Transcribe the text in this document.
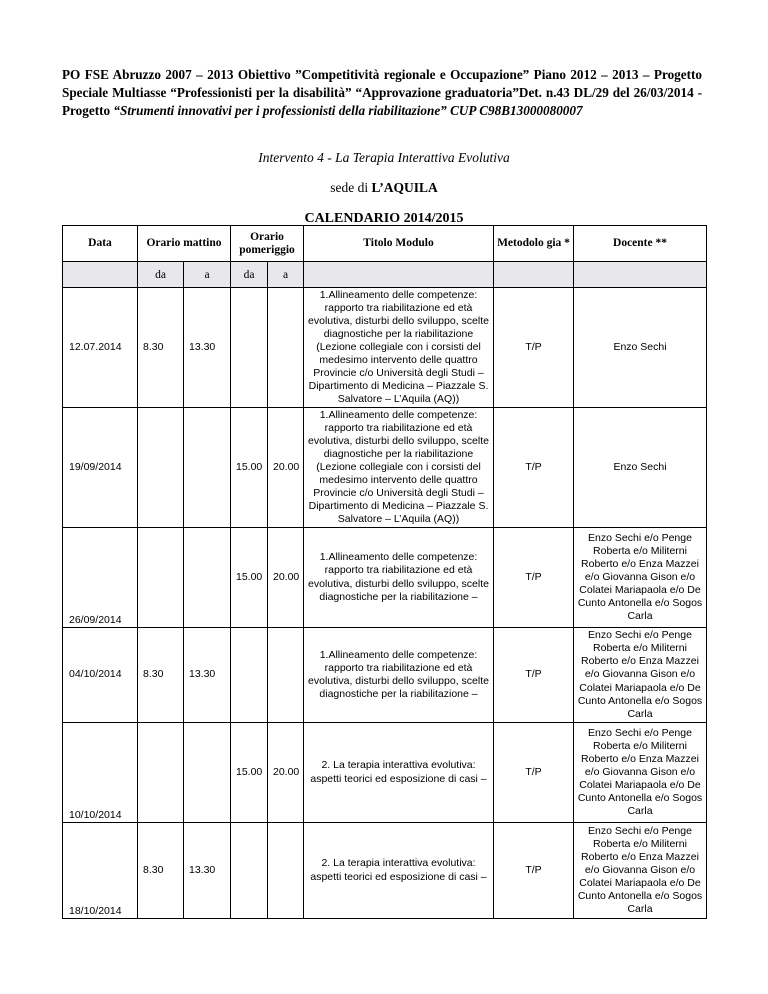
PO FSE Abruzzo 2007 – 2013 Obiettivo ”Competitività regionale e Occupazione” Piano 2012 – 2013 – Progetto Speciale Multiasse “Professionisti per la disabilità” “Approvazione graduatoria”Det. n.43 DL/29 del 26/03/2014 - Progetto “Strumenti innovativi per i professionisti della riabilitazione” CUP C98B13000080007
Intervento 4 - La Terapia Interattiva Evolutiva
sede di L’AQUILA
CALENDARIO 2014/2015
Data	Orario mattino		Orario pomeriggio		Titolo Modulo	Metodolo gia *	Docente **
	da	a	da	a			
12.07.2014	8.30	13.30			1.Allineamento delle competenze: rapporto tra riabilitazione ed età evolutiva, disturbi dello sviluppo, scelte diagnostiche per la riabilitazione (Lezione collegiale con i corsisti del medesimo intervento delle quattro Provincie c/o Università degli Studi – Dipartimento di Medicina – Piazzale S. Salvatore – L’Aquila (AQ))	T/P	Enzo Sechi
19/09/2014			15.00	20.00	1.Allineamento delle competenze: rapporto tra riabilitazione ed età evolutiva, disturbi dello sviluppo, scelte diagnostiche per la riabilitazione (Lezione collegiale con i corsisti del medesimo intervento delle quattro Provincie c/o Università degli Studi – Dipartimento di Medicina – Piazzale S. Salvatore – L’Aquila (AQ))	T/P	Enzo Sechi
26/09/2014			15.00	20.00	1.Allineamento delle competenze: rapporto tra riabilitazione ed età evolutiva, disturbi dello sviluppo, scelte diagnostiche per la riabilitazione –	T/P	Enzo Sechi e/o Penge Roberta e/o Militerni Roberto e/o Enza Mazzei e/o Giovanna Gison e/o Colatei Mariapaola e/o De Cunto Antonella e/o Sogos Carla
04/10/2014	8.30	13.30			1.Allineamento delle competenze: rapporto tra riabilitazione ed età evolutiva, disturbi dello sviluppo, scelte diagnostiche per la riabilitazione –	T/P	Enzo Sechi e/o Penge Roberta e/o Militerni Roberto e/o Enza Mazzei e/o Giovanna Gison e/o Colatei Mariapaola e/o De Cunto Antonella e/o Sogos Carla
10/10/2014			15.00	20.00	2. La terapia interattiva evolutiva: aspetti teorici ed esposizione di casi –	T/P	Enzo Sechi e/o Penge Roberta e/o Militerni Roberto e/o Enza Mazzei e/o Giovanna Gison e/o Colatei Mariapaola e/o De Cunto Antonella e/o Sogos Carla
18/10/2014	8.30	13.30			2. La terapia interattiva evolutiva: aspetti teorici ed esposizione di casi –	T/P	Enzo Sechi e/o Penge Roberta e/o Militerni Roberto e/o Enza Mazzei e/o Giovanna Gison e/o Colatei Mariapaola e/o De Cunto Antonella e/o Sogos Carla
